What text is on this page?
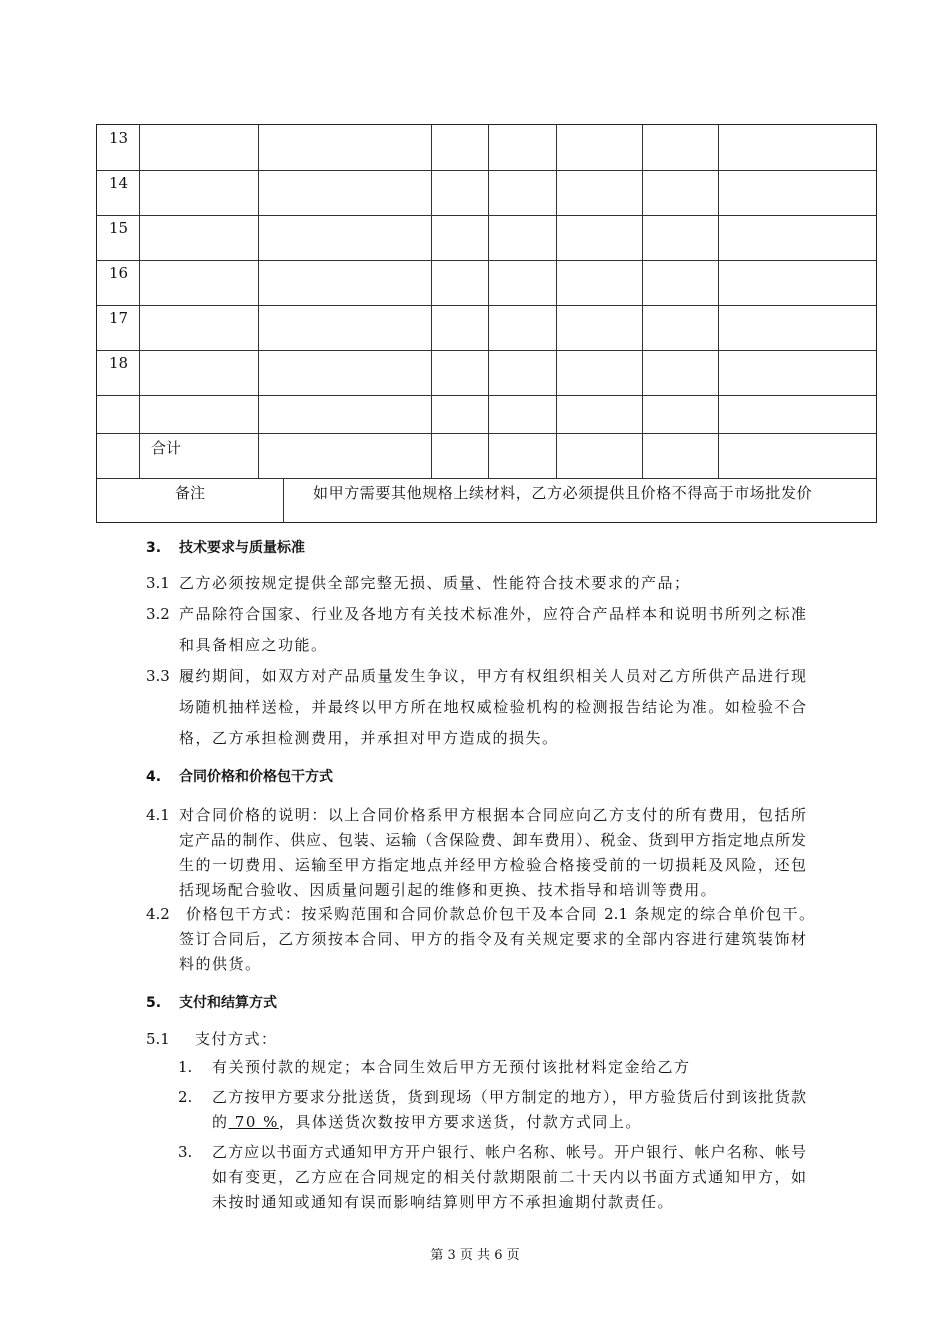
13
14
15
16
17
18
合计
备注	如甲方需要其他规格上续材料，乙方必须提供且价格不得高于市场批发价
3. 技术要求与质量标准
3.1 乙方必须按规定提供全部完整无损、质量、性能符合技术要求的产品；
3.2 产品除符合国家、行业及各地方有关技术标准外，应符合产品样本和说明书所列之标准
和具备相应之功能。
3.3 履约期间，如双方对产品质量发生争议，甲方有权组织相关人员对乙方所供产品进行现
场随机抽样送检，并最终以甲方所在地权威检验机构的检测报告结论为准。如检验不合
格，乙方承担检测费用，并承担对甲方造成的损失。
4. 合同价格和价格包干方式
4.1 对合同价格的说明：以上合同价格系甲方根据本合同应向乙方支付的所有费用，包括所
定产品的制作、供应、包装、运输（含保险费、卸车费用）、税金、货到甲方指定地点所发
生的一切费用、运输至甲方指定地点并经甲方检验合格接受前的一切损耗及风险，还包
括现场配合验收、因质量问题引起的维修和更换、技术指导和培训等费用。
4.2 价格包干方式：按采购范围和合同价款总价包干及本合同 2.1 条规定的综合单价包干。
签订合同后，乙方须按本合同、甲方的指令及有关规定要求的全部内容进行建筑装饰材
料的供货。
5. 支付和结算方式
5.1 支付方式：
1. 有关预付款的规定；本合同生效后甲方无预付该批材料定金给乙方
2. 乙方按甲方要求分批送货，货到现场（甲方制定的地方），甲方验货后付到该批货款
的 70 %，具体送货次数按甲方要求送货，付款方式同上。
3. 乙方应以书面方式通知甲方开户银行、帐户名称、帐号。开户银行、帐户名称、帐号
如有变更，乙方应在合同规定的相关付款期限前二十天内以书面方式通知甲方，如
未按时通知或通知有误而影响结算则甲方不承担逾期付款责任。
第 3 页 共 6 页
